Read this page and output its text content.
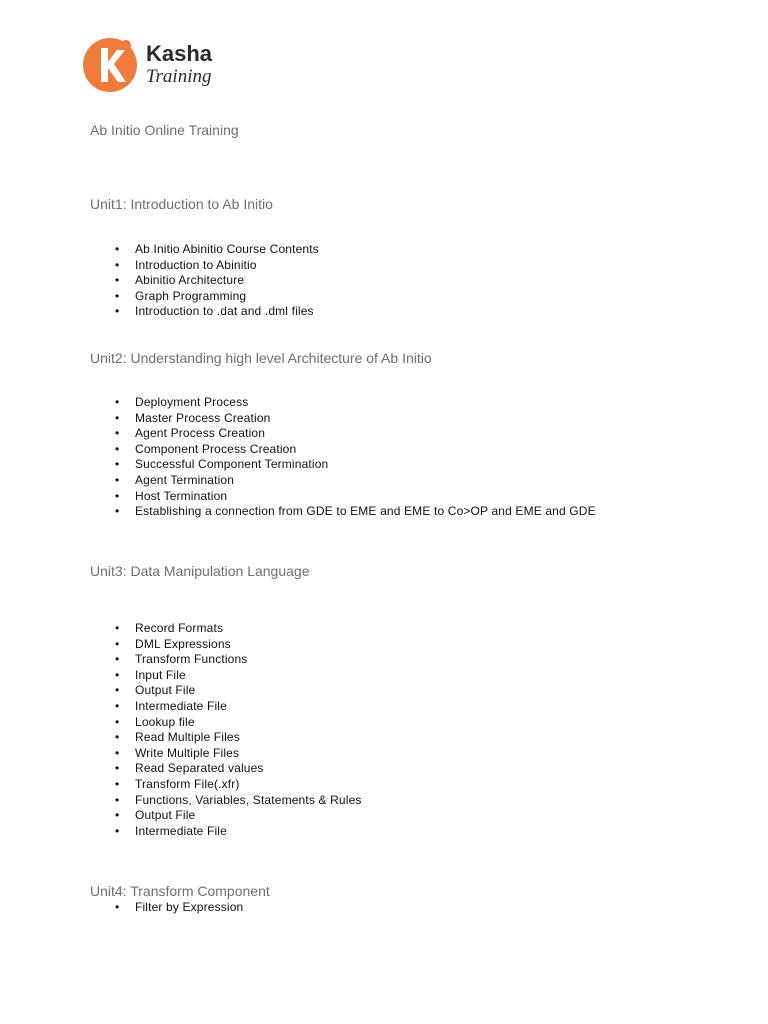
Kasha
Training
Ab Initio Online Training
Unit1: Introduction to Ab Initio
• Ab Initio Abinitio Course Contents
• Introduction to Abinitio
• Abinitio Architecture
• Graph Programming
• Introduction to .dat and .dml files
Unit2: Understanding high level Architecture of Ab Initio
• Deployment Process
• Master Process Creation
• Agent Process Creation
• Component Process Creation
• Successful Component Termination
• Agent Termination
• Host Termination
• Establishing a connection from GDE to EME and EME to Co>OP and EME and GDE
Unit3: Data Manipulation Language
• Record Formats
• DML Expressions
• Transform Functions
• Input File
• Output File
• Intermediate File
• Lookup file
• Read Multiple Files
• Write Multiple Files
• Read Separated values
• Transform File(.xfr)
• Functions, Variables, Statements & Rules
• Output File
• Intermediate File
Unit4: Transform Component
• Filter by Expression
